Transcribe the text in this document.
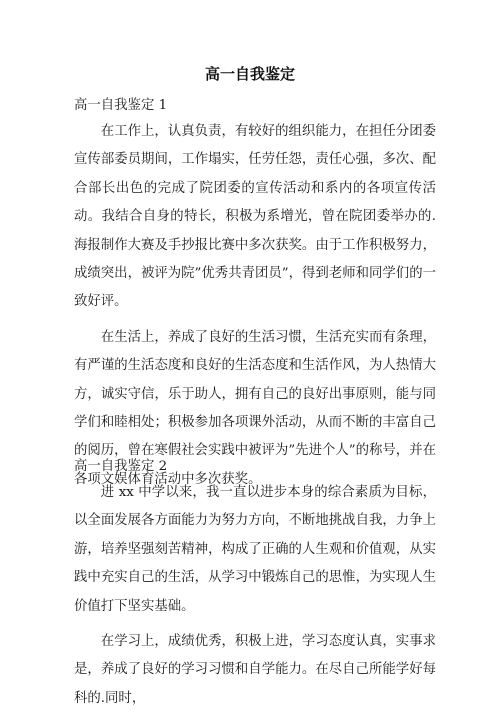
高一自我鉴定

高一自我鉴定 1

在工作上，认真负责，有较好的组织能力，在担任分团委宣传部委员期间，工作塌实，任劳任怨，责任心强，多次、配合部长出色的完成了院团委的宣传活动和系内的各项宣传活动。我结合自身的特长，积极为系增光，曾在院团委举办的.海报制作大赛及手抄报比赛中多次获奖。由于工作积极努力，成绩突出，被评为院”优秀共青团员”，得到老师和同学们的一致好评。

在生活上，养成了良好的生活习惯，生活充实而有条理，有严谨的生活态度和良好的生活态度和生活作风，为人热情大方，诚实守信，乐于助人，拥有自己的良好出事原则，能与同学们和睦相处；积极参加各项课外活动，从而不断的丰富自己的阅历，曾在寒假社会实践中被评为”先进个人”的称号，并在各项文娱体育活动中多次获奖。

高一自我鉴定 2

进 xx 中学以来，我一直以进步本身的综合素质为目标，以全面发展各方面能力为努力方向，不断地挑战自我，力争上游，培养坚强刻苦精神，构成了正确的人生观和价值观，从实践中充实自己的生活，从学习中锻炼自己的思惟，为实现人生价值打下坚实基础。

在学习上，成绩优秀，积极上进，学习态度认真，实事求是，养成了良好的学习习惯和自学能力。在尽自己所能学好每科的.同时，
